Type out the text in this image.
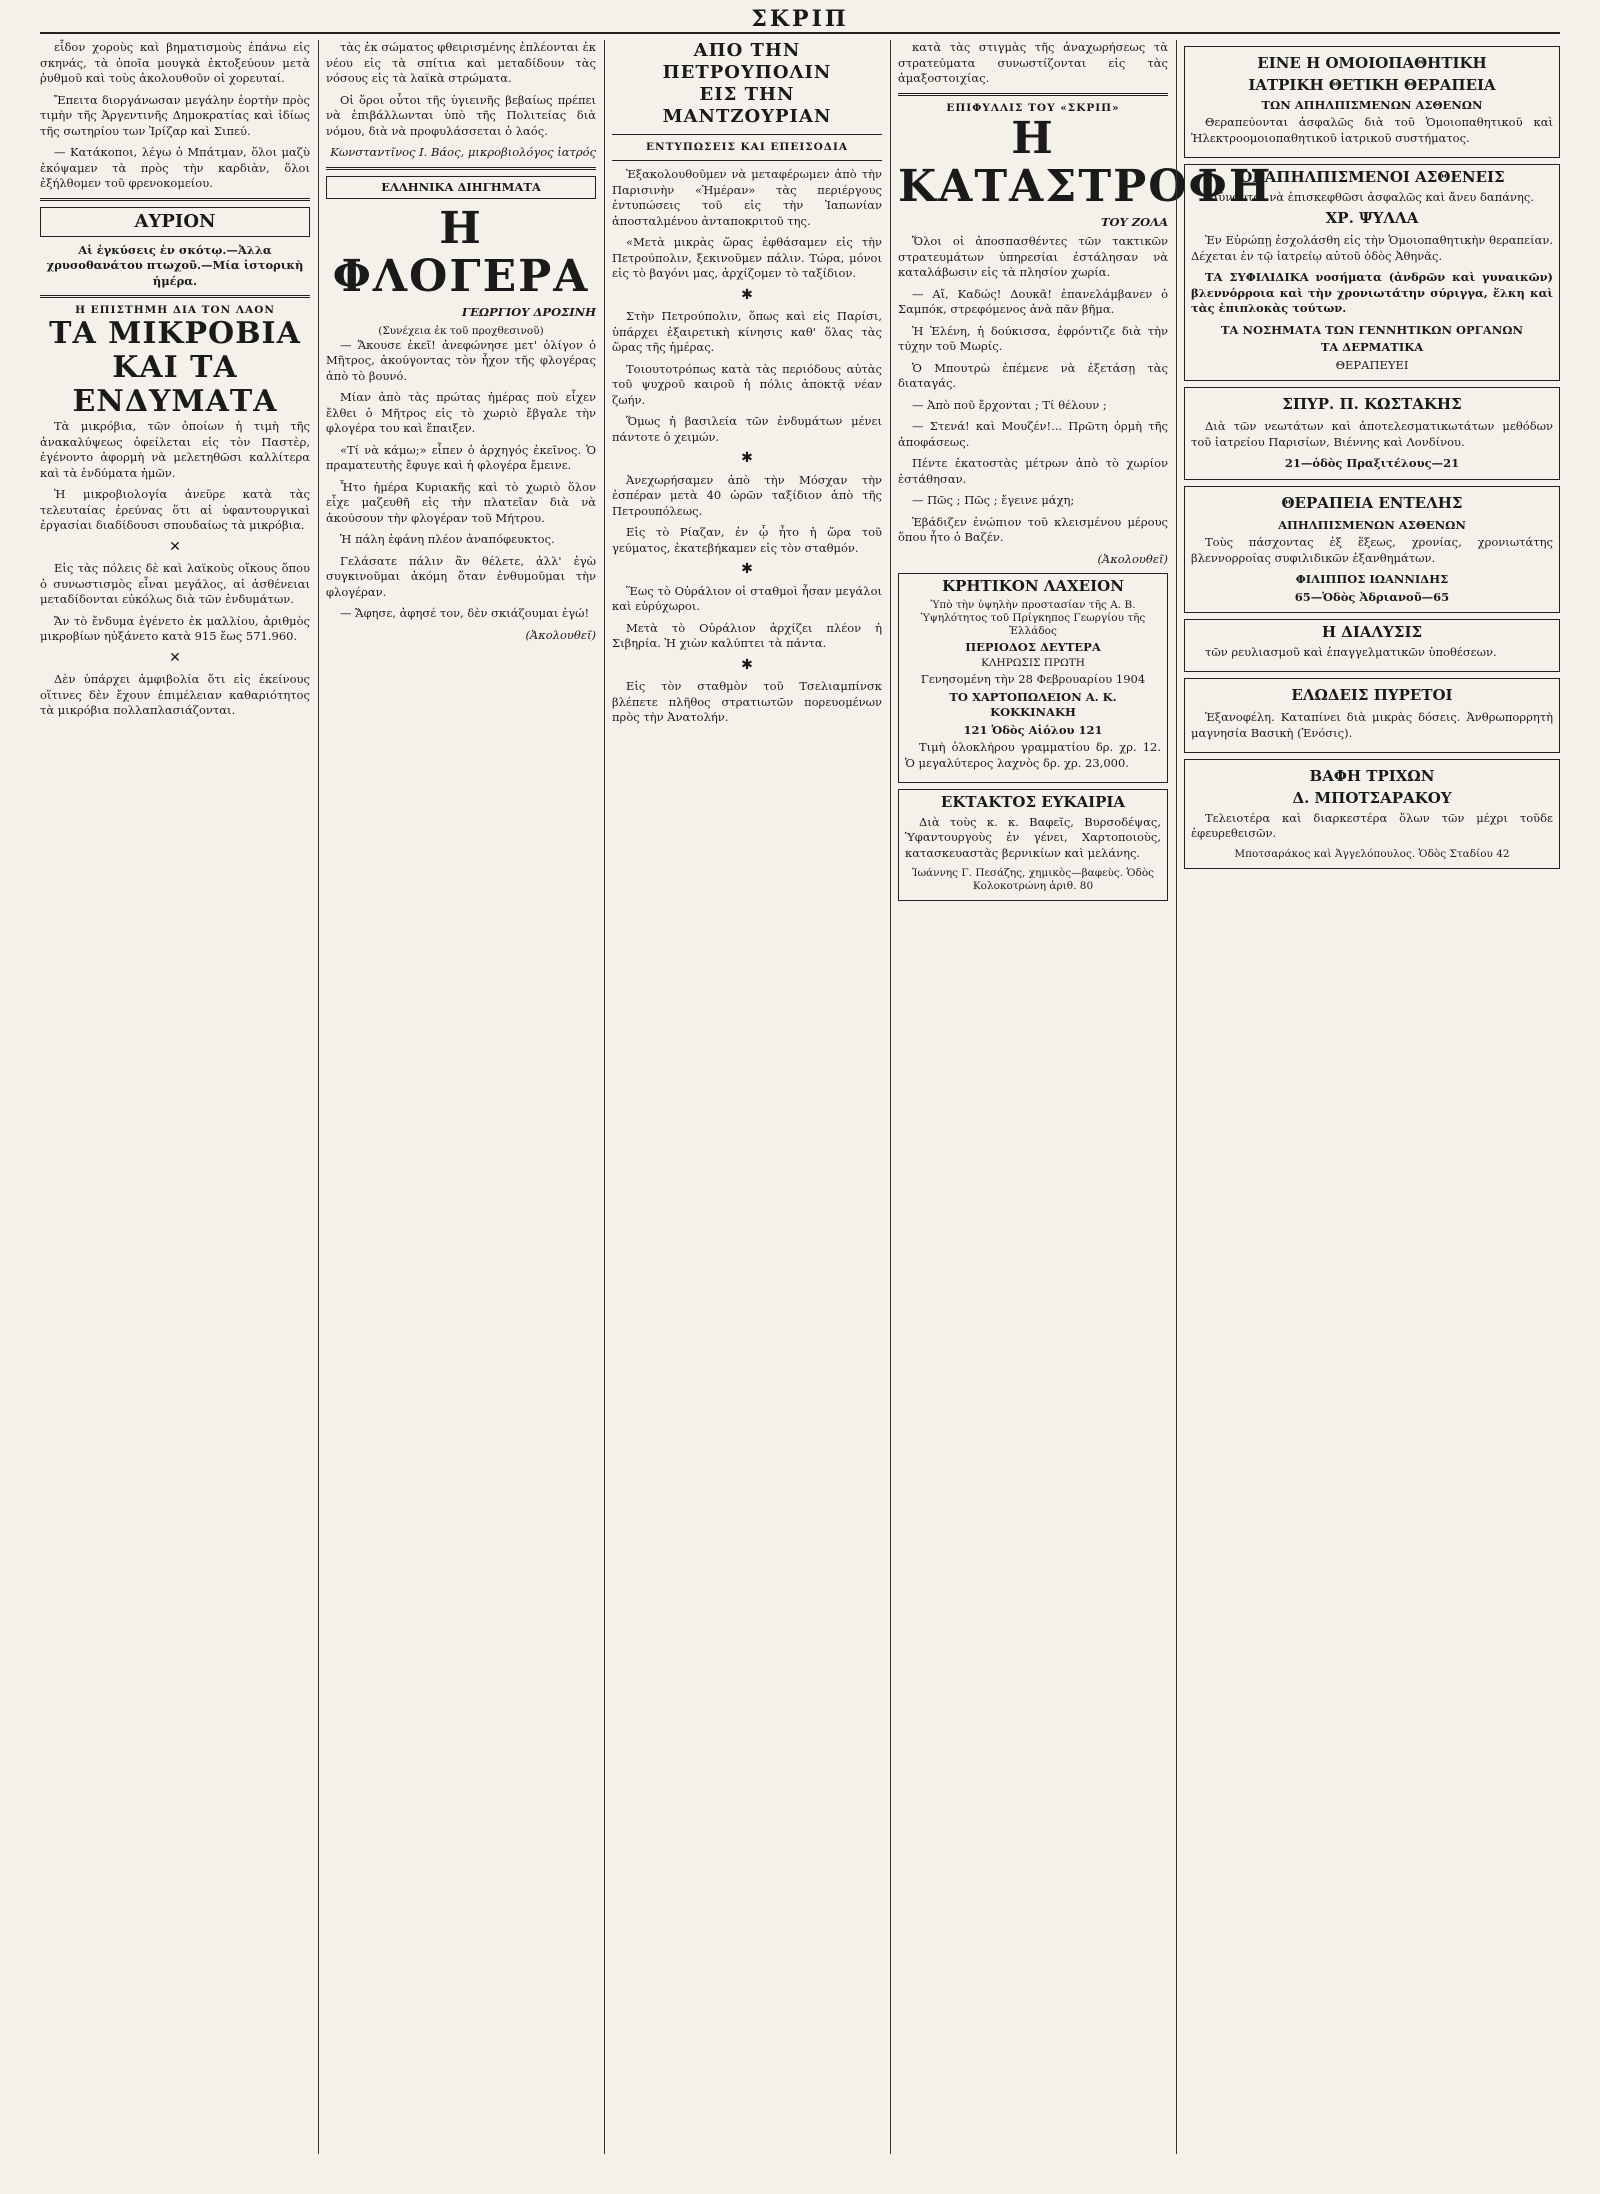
ΣΚΡΙΠ

εἶδον χοροὺς καὶ βηματισμοὺς ἐπάνω εἰς σκηνάς, τὰ ὁποῖα μουγκὰ ἐκτοξεύουν μετὰ ῥυθμοῦ καὶ τοὺς ἀκολουθοῦν οἱ χορευταί.

Ἔπειτα διοργάνωσαν μεγάλην ἑορτὴν πρὸς τιμὴν τῆς Ἀργεντινῆς Δημοκρατίας καὶ ἰδίως τῆς σωτηρίου των Ἰρίζαρ καὶ Σιπεύ.

— Κατάκοποι, λέγω ὁ Μπάτμαν, ὅλοι μαζὺ ἐκόψαμεν τὰ πρὸς τὴν καρδιὰν, ὅλοι ἐξήλθομεν τοῦ φρενοκομείου.

ΑΥΡΙΟΝ
Αἱ ἐγκύσεις ἐν σκότῳ.—Ἀλλα χρυσοθανάτου πτωχοῦ.—Μία ἱστορικὴ ἡμέρα.
Η ΕΠΙΣΤΗΜΗ ΔΙΑ ΤΟΝ ΛΑΟΝ
ΤΑ ΜΙΚΡΟΒΙΑ
ΚΑΙ ΤΑ ΕΝΔΥΜΑΤΑ

Τὰ μικρόβια, τῶν ὁποίων ἡ τιμὴ τῆς ἀνακαλύψεως ὀφείλεται εἰς τὸν Παστὲρ, ἐγένοντο ἀφορμὴ νὰ μελετηθῶσι καλλίτερα καὶ τὰ ἐνδύματα ἡμῶν.

Ἡ μικροβιολογία ἀνεῦρε κατὰ τὰς τελευταίας ἐρεύνας ὅτι αἱ ὑφαντουργικαὶ ἐργασίαι διαδίδουσι σπουδαίως τὰ μικρόβια.

✕

Εἰς τὰς πόλεις δὲ καὶ λαϊκοὺς οἴκους ὅπου ὁ συνωστισμὸς εἶναι μεγάλος, αἱ ἀσθένειαι μεταδίδονται εὐκόλως διὰ τῶν ἐνδυμάτων.

Ἄν τὸ ἔνδυμα ἐγένετο ἐκ μαλλίου, ἀριθμὸς μικροβίων ηὐξάνετο κατὰ 915 ἔως 571.960.

✕

Δὲν ὑπάρχει ἀμφιβολία ὅτι εἰς ἐκείνους οἵτινες δὲν ἔχουν ἐπιμέλειαν καθαριότητος τὰ μικρόβια πολλαπλασιάζονται.

τὰς ἐκ σώματος φθειρισμένης ἐπλέονται ἐκ νέου εἰς τὰ σπίτια καὶ μεταδίδουν τὰς νόσους εἰς τὰ λαϊκὰ στρώματα.

Οἱ ὅροι οὗτοι τῆς ὑγιεινῆς βεβαίως πρέπει νὰ ἐπιβάλλωνται ὑπὸ τῆς Πολιτείας διὰ νόμου, διὰ νὰ προφυλάσσεται ὁ λαός.

Κωνσταντῖνος Ι. Βάος, μικροβιολόγος ἰατρός
ΕΛΛΗΝΙΚΑ ΔΙΗΓΗΜΑΤΑ
Η ΦΛΟΓΕΡΑ
ΓΕΩΡΓΙΟΥ ΔΡΟΣΙΝΗ
(Συνέχεια ἐκ τοῦ προχθεσινοῦ)

— Ἄκουσε ἐκεῖ! ἀνεφώνησε μετ' ὀλίγον ὁ Μῆτρος, ἀκούγοντας τὸν ἦχον τῆς φλογέρας ἀπὸ τὸ βουνό.

Μίαν ἀπὸ τὰς πρώτας ἡμέρας ποὺ εἶχεν ἔλθει ὁ Μῆτρος εἰς τὸ χωριὸ ἔβγαλε τὴν φλογέρα του καὶ ἔπαιξεν.

«Τί νὰ κάμω;» εἶπεν ὁ ἀρχηγός ἐκεῖνος. Ὁ πραματευτὴς ἔφυγε καὶ ἡ φλογέρα ἔμεινε.

Ἦτο ἡμέρα Κυριακῆς καὶ τὸ χωριὸ ὅλον εἶχε μαζευθῆ εἰς τὴν πλατεῖαν διὰ νὰ ἀκούσουν τὴν φλογέραν τοῦ Μήτρου.

Ἡ πάλη ἐφάνη πλέον ἀναπόφευκτος.

Γελάσατε πάλιν ἂν θέλετε, ἀλλ' ἐγὼ συγκινοῦμαι ἀκόμη ὅταν ἐνθυμοῦμαι τὴν φλογέραν.

— Ἄφησε, ἀφησέ τον, δὲν σκιάζουμαι ἐγώ!

(Ἀκολουθεῖ)
ΑΠΟ ΤΗΝ ΠΕΤΡΟΥΠΟΛΙΝ
ΕΙΣ ΤΗΝ ΜΑΝΤΖΟΥΡΙΑΝ
ΕΝΤΥΠΩΣΕΙΣ ΚΑΙ ΕΠΕΙΣΟΔΙΑ

Ἐξακολουθοῦμεν νὰ μεταφέρωμεν ἀπὸ τὴν Παρισινὴν «Ἡμέραν» τὰς περιέργους ἐντυπώσεις τοῦ εἰς τὴν Ἰαπωνίαν ἀποσταλμένου ἀνταποκριτοῦ της.

«Μετὰ μικρὰς ὥρας ἐφθάσαμεν εἰς τὴν Πετρούπολιν, ξεκινοῦμεν πάλιν. Τώρα, μόνοι εἰς τὸ βαγόνι μας, ἀρχίζομεν τὸ ταξίδιον.

✱

Στὴν Πετρούπολιν, ὅπως καὶ εἰς Παρίσι, ὑπάρχει ἐξαιρετικὴ κίνησις καθ' ὅλας τὰς ὥρας τῆς ἡμέρας.

Τοιουτοτρόπως κατὰ τὰς περιόδους αὐτὰς τοῦ ψυχροῦ καιροῦ ἡ πόλις ἀποκτᾷ νέαν ζωήν.

Ὅμως ἡ βασιλεία τῶν ἐνδυμάτων μένει πάντοτε ὁ χειμών.

✱

Ἀνεχωρήσαμεν ἀπὸ τὴν Μόσχαν τὴν ἐσπέραν μετὰ 40 ὡρῶν ταξίδιον ἀπὸ τῆς Πετρουπόλεως.

Εἰς τὸ Ρίαζαν, ἐν ᾧ ἦτο ἡ ὥρα τοῦ γεύματος, ἐκατεβήκαμεν εἰς τὸν σταθμόν.

✱

Ἕως τὸ Οὐράλιον οἱ σταθμοὶ ἦσαν μεγάλοι καὶ εὐρύχωροι.

Μετὰ τὸ Οὐράλιον ἀρχίζει πλέον ἡ Σιβηρία. Ἡ χιὼν καλύπτει τὰ πάντα.

✱

Εἰς τὸν σταθμὸν τοῦ Τσελιαμπίνσκ βλέπετε πλῆθος στρατιωτῶν πορευομένων πρὸς τὴν Ἀνατολήν.

κατὰ τὰς στιγμὰς τῆς ἀναχωρήσεως τὰ στρατεύματα συνωστίζονται εἰς τὰς ἁμαξοστοιχίας.

ΕΠΙΦΥΛΛΙΣ ΤΟΥ «ΣΚΡΙΠ»
Η ΚΑΤΑΣΤΡΟΦΗ
ΤΟΥ ΖΟΛΑ

Ὅλοι οἱ ἀποσπασθέντες τῶν τακτικῶν στρατευμάτων ὑπηρεσίαι ἐστάλησαν νὰ καταλάβωσιν εἰς τὰ πλησίον χωρία.

— Αἴ, Καδώς! Δουκᾶ! ἐπανελάμβανεν ὁ Σαμπόκ, στρεφόμενος ἀνὰ πᾶν βῆμα.

Ἡ Ἑλένη, ἡ δούκισσα, ἐφρόντιζε διὰ τὴν τύχην τοῦ Μωρίς.

Ὁ Μπουτρὼ ἐπέμενε νὰ ἐξετάσῃ τὰς διαταγάς.

— Ἀπὸ ποῦ ἔρχονται ; Τί θέλουν ;

— Στενά! καὶ Μουζέν!... Πρῶτη ὁρμὴ τῆς ἀποφάσεως.

Πέντε ἐκατοστὰς μέτρων ἀπὸ τὸ χωρίον ἐστάθησαν.

— Πῶς ; Πῶς ; ἔγεινε μάχη;

Ἐβάδιζεν ἐνώπιον τοῦ κλεισμένου μέρους ὅπου ἦτο ὁ Βαζέν.

(Ἀκολουθεῖ)
ΚΡΗΤΙΚΟΝ ΛΑΧΕΙΟΝ
Ὑπὸ τὴν ὑψηλὴν προστασίαν τῆς Α. Β. Ὑψηλότητος τοῦ Πρίγκηπος Γεωργίου τῆς Ἑλλάδος
ΠΕΡΙΟΔΟΣ ΔΕΥΤΕΡΑ
ΚΛΗΡΩΣΙΣ ΠΡΩΤΗ
Γενησομένη τὴν 28 Φεβρουαρίου 1904
ΤΟ ΧΑΡΤΟΠΩΛΕΙΟΝ Α. Κ. ΚΟΚΚΙΝΑΚΗ
121 Ὁδὸς Αἰόλου 121

Τιμὴ ὁλοκλήρου γραμματίου δρ. χρ. 12. Ὁ μεγαλύτερος λαχνὸς δρ. χρ. 23,000.

ΕΚΤΑΚΤΟΣ ΕΥΚΑΙΡΙΑ

Διὰ τοὺς κ. κ. Βαφεῖς, Βυρσοδέψας, Ὑφαντουργοὺς ἐν γένει, Χαρτοποιοὺς, κατασκευαστὰς βερνικίων καὶ μελάνης.

Ἰωάννης Γ. Πεσάζης, χημικὸς—βαφεὺς. Ὁδὸς Κολοκοτρώνη ἀριθ. 80
ΕΙΝΕ Η ΟΜΟΙΟΠΑΘΗΤΙΚΗ
ΙΑΤΡΙΚΗ ΘΕΤΙΚΗ ΘΕΡΑΠΕΙΑ
ΤΩΝ ΑΠΗΛΠΙΣΜΕΝΩΝ ΑΣΘΕΝΩΝ

Θεραπεύονται ἀσφαλῶς διὰ τοῦ Ὁμοιοπαθητικοῦ καὶ Ἠλεκτροομοιοπαθητικοῦ ἰατρικοῦ συστήματος.

ΟΙ ΑΠΗΛΠΙΣΜΕΝΟΙ ΑΣΘΕΝΕΙΣ
Δύνανται νὰ ἐπισκεφθῶσι ἀσφαλῶς καὶ ἄνευ δαπάνης.
ΧΡ. ΨΥΛΛΑ

Ἐν Εὐρώπῃ ἐσχολάσθη εἰς τὴν Ὁμοιοπαθητικὴν θεραπείαν. Δέχεται ἐν τῷ ἰατρείῳ αὐτοῦ ὁδὸς Ἀθηνᾶς.

ΤΑ ΣΥΦΙΛΙΔΙΚΑ νοσήματα (ἀνδρῶν καὶ γυναικῶν) βλεννόρροια καὶ τὴν χρονιωτάτην σύριγγα, ἕλκη καὶ τὰς ἐπιπλοκὰς τούτων.

ΤΑ ΝΟΣΗΜΑΤΑ ΤΩΝ ΓΕΝΝΗΤΙΚΩΝ ΟΡΓΑΝΩΝ
ΤΑ ΔΕΡΜΑΤΙΚΑ
ΘΕΡΑΠΕΥΕΙ
ΣΠΥΡ. Π. ΚΩΣΤΑΚΗΣ

Διὰ τῶν νεωτάτων καὶ ἀποτελεσματικωτάτων μεθόδων τοῦ ἰατρείου Παρισίων, Βιέννης καὶ Λονδίνου.

21—ὁδὸς Πραξιτέλους—21
ΘΕΡΑΠΕΙΑ ΕΝΤΕΛΗΣ
ΑΠΗΛΠΙΣΜΕΝΩΝ ΑΣΘΕΝΩΝ

Τοὺς πάσχοντας ἐξ ἕξεως, χρονίας, χρονιωτάτης βλεννορροίας συφιλιδικῶν ἐξανθημάτων.

ΦΙΛΙΠΠΟΣ ΙΩΑΝΝΙΔΗΣ
65—Ὁδὸς Ἀδριανοῦ—65
Η ΔΙΑΛΥΣΙΣ

τῶν ρευλιασμοῦ καὶ ἐπαγγελματικῶν ὑποθέσεων.

ΕΛΩΔΕΙΣ ΠΥΡΕΤΟΙ

Ἐξανοφέλη. Καταπίνει διὰ μικρὰς δόσεις. Ἀνθρωπορρητὴ μαγνησία Βασικὴ (Ἐνόσις).

ΒΑΦΗ ΤΡΙΧΩΝ
Δ. ΜΠΟΤΣΑΡΑΚΟΥ

Τελειοτέρα καὶ διαρκεστέρα ὅλων τῶν μέχρι τοῦδε ἐφευρεθεισῶν.

Μποτσαράκος καὶ Ἀγγελόπουλος. Ὁδὸς Σταδίου 42
